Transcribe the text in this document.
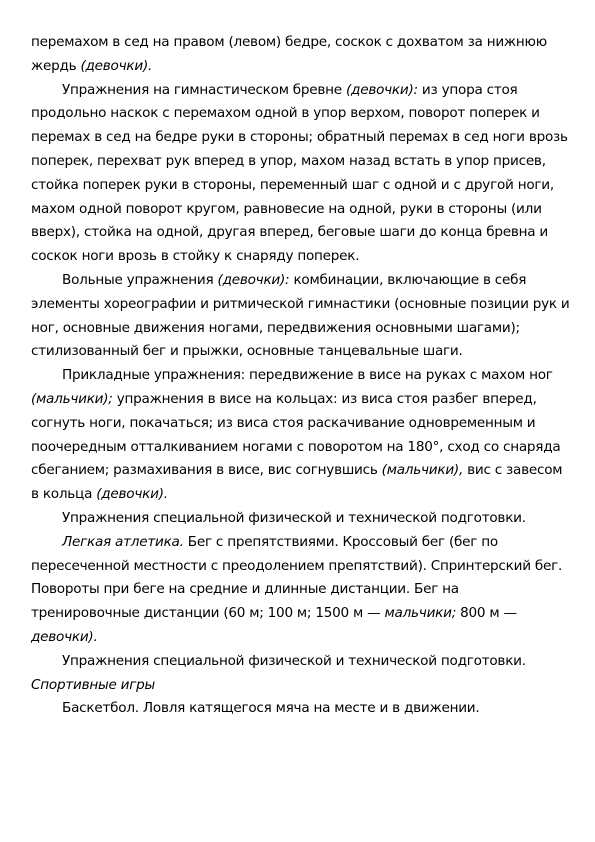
перемахом в сед на правом (левом) бедре, соскок с дохватом за нижнюю жердь (девочки).

Упражнения на гимнастическом бревне (девочки): из упора стоя продольно наскок с перемахом одной в упор верхом, поворот поперек и перемах в сед на бедре руки в стороны; обратный перемах в сед ноги врозь поперек, перехват рук вперед в упор, махом назад встать в упор присев, стойка поперек руки в стороны, переменный шаг с одной и с другой ноги, махом одной поворот кругом, равновесие на одной, руки в стороны (или вверх), стойка на одной, другая вперед, беговые шаги до конца бревна и соскок ноги врозь в стойку к снаряду поперек.

Вольные упражнения (девочки): комбинации, включающие в себя элементы хореографии и ритмической гимнастики (основные позиции рук и ног, основные движения ногами, передвижения основными шагами); стилизованный бег и прыжки, основные танцевальные шаги.

Прикладные упражнения: передвижение в висе на руках с махом ног (мальчики); упражнения в висе на кольцах: из виса стоя разбег вперед, согнуть ноги, покачаться; из виса стоя раскачивание одновременным и поочередным отталкиванием ногами с поворотом на 180°, сход со снаряда сбеганием; размахивания в висе, вис согнувшись (мальчики), вис с завесом в кольца (девочки).

Упражнения специальной физической и технической подготовки.

Легкая атлетика. Бег с препятствиями. Кроссовый бег (бег по пересеченной местности с преодолением препятствий). Спринтерский бег. Повороты при беге на средние и длинные дистанции. Бег на тренировочные дистанции (60 м; 100 м; 1500 м — мальчики; 800 м — девочки).

Упражнения специальной физической и технической подготовки.Спортивные игры

Баскетбол. Ловля катящегося мяча на месте и в движении.
